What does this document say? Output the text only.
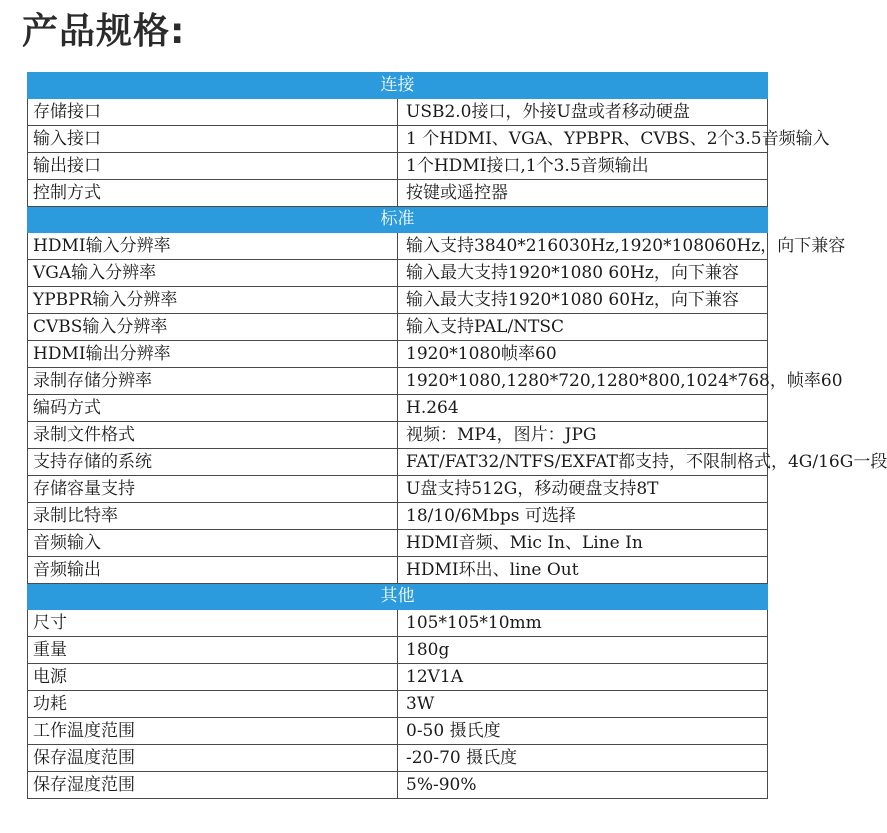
产品规格:
连接	
存储接口	USB2.0接口，外接U盘或者移动硬盘
输入接口	1 个HDMI、VGA、YPBPR、CVBS、2个3.5音频输入
输出接口	1个HDMI接口,1个3.5音频输出
控制方式	按键或遥控器
标准	
HDMI输入分辨率	输入支持3840*216030Hz,1920*108060Hz，向下兼容
VGA输入分辨率	输入最大支持1920*1080 60Hz，向下兼容
YPBPR输入分辨率	输入最大支持1920*1080 60Hz，向下兼容
CVBS输入分辨率	输入支持PAL/NTSC
HDMI输出分辨率	1920*1080帧率60
录制存储分辨率	1920*1080,1280*720,1280*800,1024*768，帧率60
编码方式	H.264
录制文件格式	视频：MP4，图片：JPG
支持存储的系统	FAT/FAT32/NTFS/EXFAT都支持，不限制格式，4G/16G一段
存储容量支持	U盘支持512G，移动硬盘支持8T
录制比特率	18/10/6Mbps 可选择
音频输入	HDMI音频、Mic In、Line In
音频输出	HDMI环出、line Out
其他	
尺寸	105*105*10mm
重量	180g
电源	12V1A
功耗	3W
工作温度范围	0-50 摄氏度
保存温度范围	-20-70 摄氏度
保存湿度范围	5%-90%
